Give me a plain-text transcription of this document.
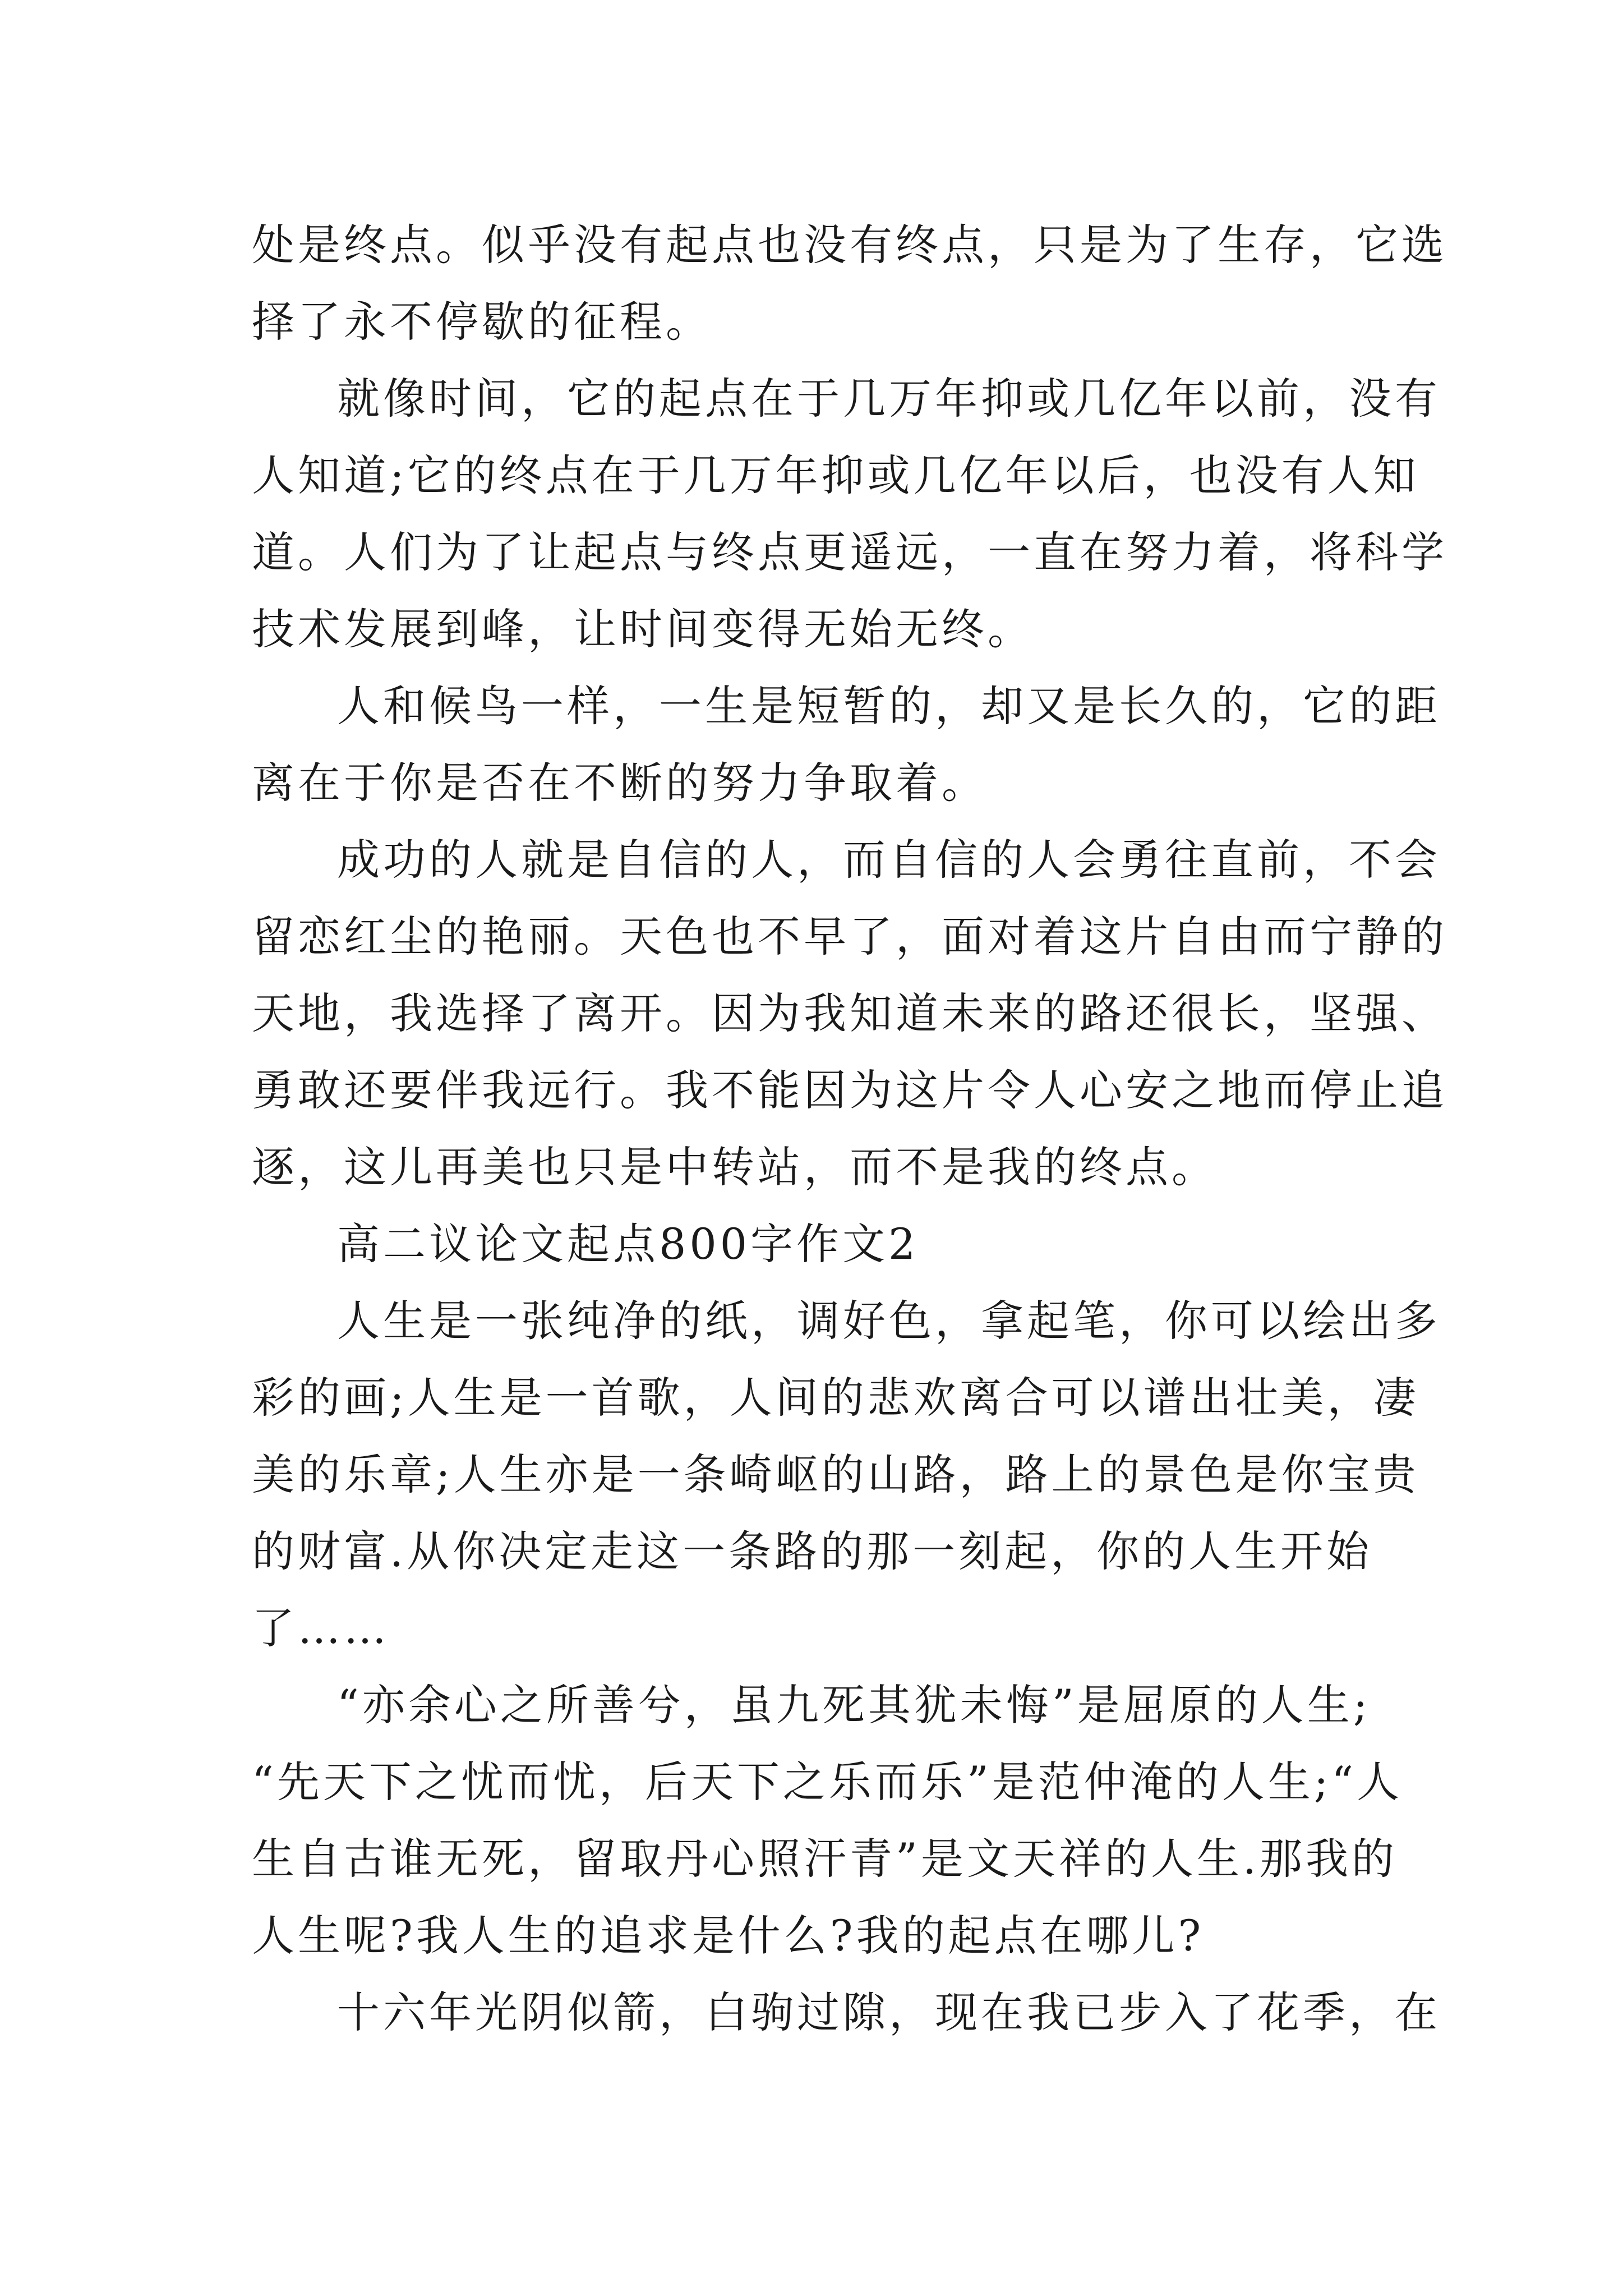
处是终点。似乎没有起点也没有终点，只是为了生存，它选
择了永不停歇的征程。
就像时间，它的起点在于几万年抑或几亿年以前，没有
人知道;它的终点在于几万年抑或几亿年以后，也没有人知
道。人们为了让起点与终点更遥远，一直在努力着，将科学
技术发展到峰，让时间变得无始无终。
人和候鸟一样，一生是短暂的，却又是长久的，它的距
离在于你是否在不断的努力争取着。
成功的人就是自信的人，而自信的人会勇往直前，不会
留恋红尘的艳丽。天色也不早了，面对着这片自由而宁静的
天地，我选择了离开。因为我知道未来的路还很长，坚强、
勇敢还要伴我远行。我不能因为这片令人心安之地而停止追
逐，这儿再美也只是中转站，而不是我的终点。
高二议论文起点800字作文2
人生是一张纯净的纸，调好色，拿起笔，你可以绘出多
彩的画;人生是一首歌，人间的悲欢离合可以谱出壮美，凄
美的乐章;人生亦是一条崎岖的山路，路上的景色是你宝贵
的财富.从你决定走这一条路的那一刻起，你的人生开始
了……
“亦余心之所善兮，虽九死其犹未悔”是屈原的人生;
“先天下之忧而忧，后天下之乐而乐”是范仲淹的人生;“人
生自古谁无死，留取丹心照汗青”是文天祥的人生.那我的
人生呢?我人生的追求是什么?我的起点在哪儿?
十六年光阴似箭，白驹过隙，现在我已步入了花季，在
